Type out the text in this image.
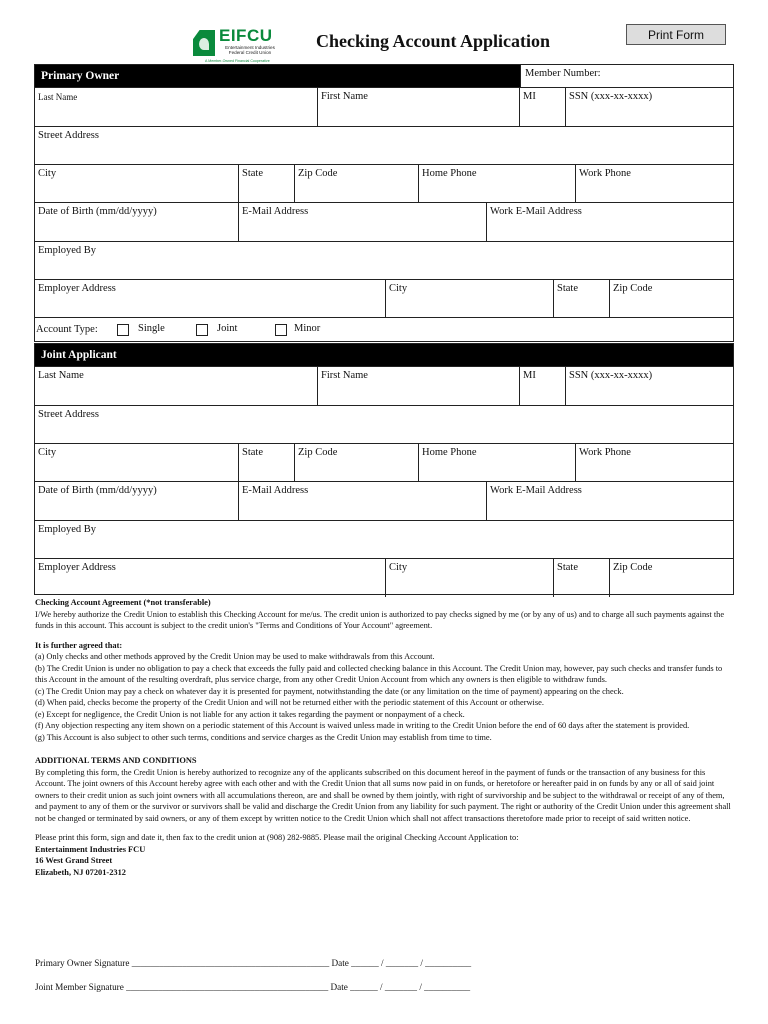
EIFCU
Entertainment Industries Federal Credit Union
A Member-Owned Financial Cooperative
Checking Account Application	Print Form
Primary Owner	Member Number:
Last Name	First Name	MI	SSN (xxx-xx-xxxx)
Street Address
City	State	Zip Code	Home Phone	Work Phone
Date of Birth (mm/dd/yyyy)	E-Mail Address	Work E-Mail Address
Employed By
Employer Address	City	State	Zip Code
Account Type:	Single	Joint	Minor
Joint Applicant
Last Name	First Name	MI	SSN (xxx-xx-xxxx)
Street Address
City	State	Zip Code	Home Phone	Work Phone
Date of Birth (mm/dd/yyyy)	E-Mail Address	Work E-Mail Address
Employed By
Employer Address	City	State	Zip Code

Checking Account Agreement (*not transferable)

I/We hereby authorize the Credit Union to establish this Checking Account for me/us. The credit union is authorized to pay checks signed by me (or by any of us) and to charge all such payments against the funds in this account. This account is subject to the credit union's "Terms and Conditions of Your Account" agreement.

It is further agreed that:

(a) Only checks and other methods approved by the Credit Union may be used to make withdrawals from this Account.

(b) The Credit Union is under no obligation to pay a check that exceeds the fully paid and collected checking balance in this Account. The Credit Union may, however, pay such checks and transfer funds to this Account in the amount of the resulting overdraft, plus service charge, from any other Credit Union Account from which any owners is then eligible to withdraw funds.

(c) The Credit Union may pay a check on whatever day it is presented for payment, notwithstanding the date (or any limitation on the time of payment) appearing on the check.

(d) When paid, checks become the property of the Credit Union and will not be returned either with the periodic statement of this Account or otherwise.

(e) Except for negligence, the Credit Union is not liable for any action it takes regarding the payment or nonpayment of a check.

(f) Any objection respecting any item shown on a periodic statement of this Account is waived unless made in writing to the Credit Union before the end of 60 days after the statement is provided.

(g) This Account is also subject to other such terms, conditions and service charges as the Credit Union may establish from time to time.

ADDITIONAL TERMS AND CONDITIONS

By completing this form, the Credit Union is hereby authorized to recognize any of the applicants subscribed on this document hereof in the payment of funds or the transaction of any business for this Account. The joint owners of this Account hereby agree with each other and with the Credit Union that all sums now paid in on funds, or heretofore or hereafter paid in on funds by any or all of said joint owners to their credit union as such joint owners with all accumulations thereon, are and shall be owned by them jointly, with right of survivorship and be subject to the withdrawal or receipt of any of them, and payment to any of them or the survivor or survivors shall be valid and discharge the Credit Union from any liability for such payment. The right or authority of the Credit Union under this agreement shall not be changed or terminated by said owners, or any of them except by written notice to the Credit Union which shall not affect transactions theretofore made prior to receipt of said written notice.

Please print this form, sign and date it, then fax to the credit union at (908) 282-9885. Please mail the original Checking Account Application to:

Entertainment Industries FCU

16 West Grand Street

Elizabeth, NJ 07201-2312

Primary Owner Signature ___________________________________________ Date ______ / _______ / __________
Joint Member Signature ____________________________________________ Date ______ / _______ / __________
